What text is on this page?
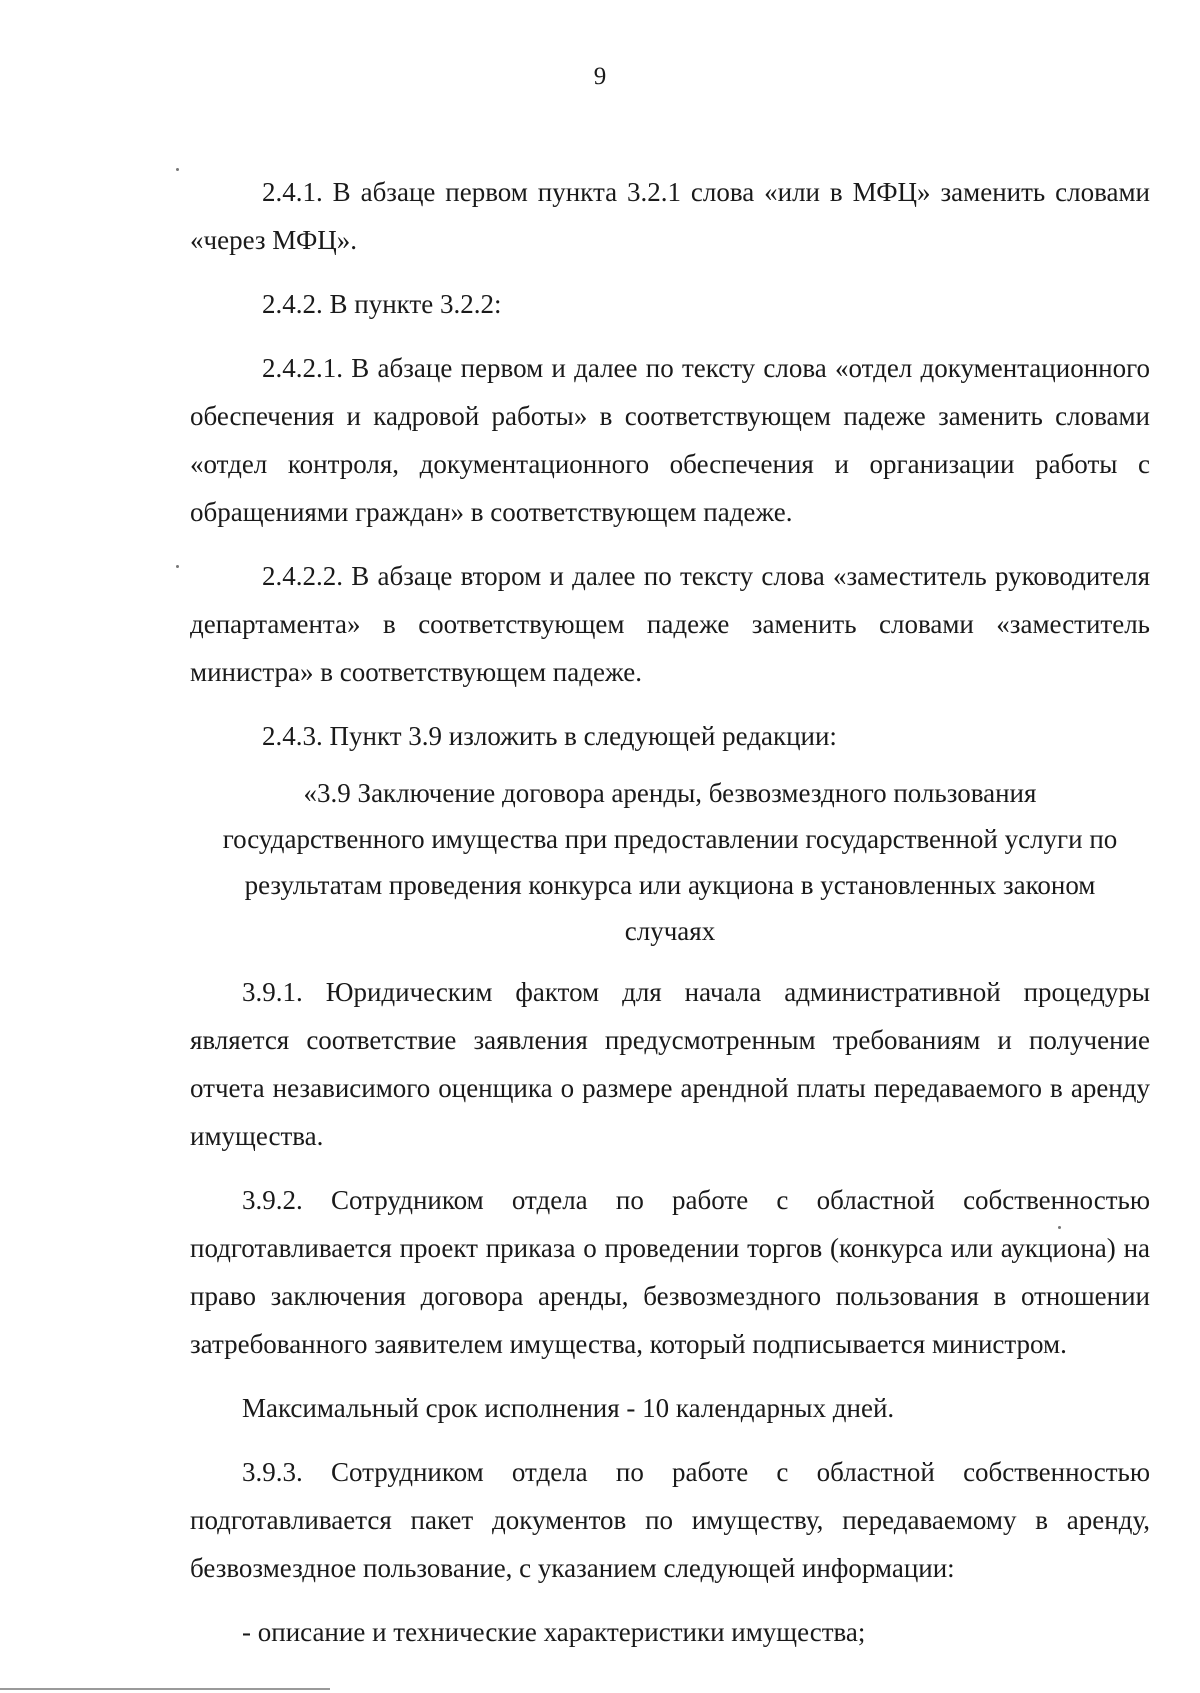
9

2.4.1. В абзаце первом пункта 3.2.1 слова «или в МФЦ» заменить словами «через МФЦ».

2.4.2. В пункте 3.2.2:

2.4.2.1. В абзаце первом и далее по тексту слова «отдел документационного обеспечения и кадровой работы» в соответствующем падеже заменить словами «отдел контроля, документационного обеспечения и организации работы с обращениями граждан» в соответствующем падеже.

2.4.2.2. В абзаце втором и далее по тексту слова «заместитель руководителя департамента» в соответствующем падеже заменить словами «заместитель министра» в соответствующем падеже.

2.4.3. Пункт 3.9 изложить в следующей редакции:

«3.9 Заключение договора аренды, безвозмездного пользования
государственного имущества при предоставлении государственной услуги по
результатам проведения конкурса или аукциона в установленных законом
случаях

3.9.1. Юридическим фактом для начала административной процедуры является соответствие заявления предусмотренным требованиям и получение отчета независимого оценщика о размере арендной платы передаваемого в аренду имущества.

3.9.2. Сотрудником отдела по работе с областной собственностью подготавливается проект приказа о проведении торгов (конкурса или аукциона) на право заключения договора аренды, безвозмездного пользования в отношении затребованного заявителем имущества, который подписывается министром.

Максимальный срок исполнения - 10 календарных дней.

3.9.3. Сотрудником отдела по работе с областной собственностью подготавливается пакет документов по имуществу, передаваемому в аренду, безвозмездное пользование, с указанием следующей информации:

- описание и технические характеристики имущества;
